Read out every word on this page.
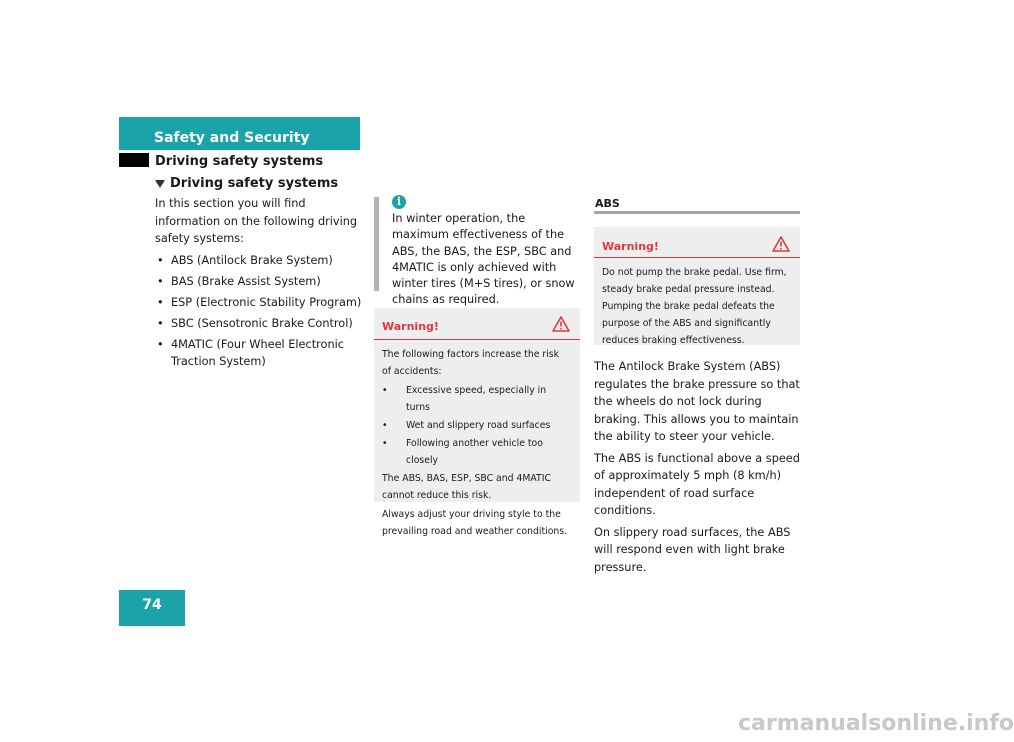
Safety and Security
Driving safety systems
Driving safety systems

In this section you will find information on the following driving safety systems:

• ABS (Antilock Brake System)
• BAS (Brake Assist System)
• ESP (Electronic Stability Program)
• SBC (Sensotronic Brake Control)
• 4MATIC (Four Wheel Electronic Traction System)
i
In winter operation, the maximum effectiveness of the ABS, the BAS, the ESP, SBC and 4MATIC is only achieved with winter tires (M+S tires), or snow chains as required.
Warning!

The following factors increase the risk of accidents:

• Excessive speed, especially in turns
• Wet and slippery road surfaces
• Following another vehicle too closely

The ABS, BAS, ESP, SBC and 4MATIC cannot reduce this risk.

Always adjust your driving style to the prevailing road and weather conditions.

ABS
Warning!

Do not pump the brake pedal. Use firm, steady brake pedal pressure instead. Pumping the brake pedal defeats the purpose of the ABS and significantly reduces braking effectiveness.

The Antilock Brake System (ABS) regulates the brake pressure so that the wheels do not lock during braking. This allows you to maintain the ability to steer your vehicle.

The ABS is functional above a speed of approximately 5 mph (8 km/h) independent of road surface conditions.

On slippery road surfaces, the ABS will respond even with light brake pressure.

74
carmanualsonline.info
